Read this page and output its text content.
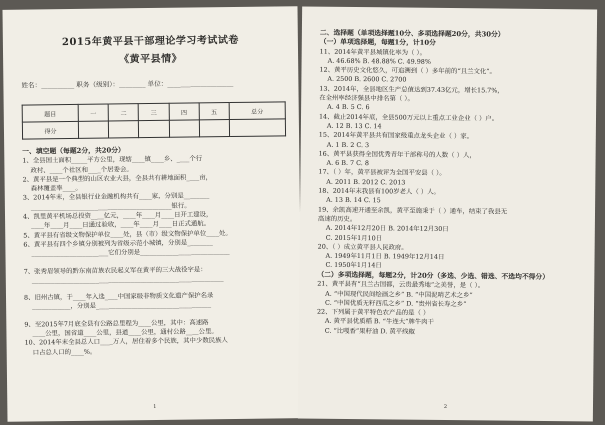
2015年黄平县干部理论学习考试试卷
《黄平县情》
姓名：__________ 职务（级别）：________ 单位：____________________
题目	一	二	三	四	五	总分
得分						
一、填空题（每题2分，共20分）
1、全县国土面积_____平方公里，现辖____镇____乡、____个行
政村、____个社区和____个居委会。
2、黄平县是一个典型的山区农业大县，全县共有耕地面积____亩，
森林覆盖率____。
3、2014年末，全县银行业金融机构共有____家，分别是________
____________________________________________银行。
4、凯里黄平机场总投资____亿元，____年____月____日开工建设，
____年____月____日通过验收，____年____月____日正式通航。
5、黄平县有省级文物保护单位____处，县（市）级文物保护单位____处。
6、黄平县有四个乡镇分别被列为省级示范小城镇，分别是________
________________________它们分别是____________________________
7、张秀眉领导的黔东南苗族农民起义军在黄平的三大战役字是：
____________________________________________________________
8、旧州古镇，于____年入选____中国家级非物质文化遗产保护名录
____________，分别是____________________________________
9、至2015年7月底全县有公路总里程为____公里，其中：高速路
____公里，国省道____公里，县道____公里，通村公路____公里。
10、2014年末全县总人口____万人，居住着多个民族，其中少数民族人
口占总人口的____%。
1
二、选择题（单项选择题10分、多项选择题20分，共30分）
（一）单项选择题，每题1分，计10分
11、2014年黄平县城镇化率为（ ）。
A. 46.68% B. 48.88% C. 49.98%
12、黄平历史文化悠久，可追溯到（ ）多年前的“且兰文化”。
A. 2500 B. 2600 C. 2700
13、2014年，全县地区生产总值达到37.43亿元，增长15.7%，
在全州率经济强县中排名第（ ）。
A. 4 B. 5 C. 6
14、截止2014年底，全县500万元以上重点工业企业（ ）户。
A. 12 B. 13 C. 14
15、2014年黄平县共有国家级重点龙头企业（ ）家。
A. 1 B. 2 C. 3
16、黄平县获得全国优秀青年干部称号的人数（ ）人，
A. 6 B. 7 C. 8
17、（ ）年，黄平县被评为全国平安县（ ）。
A. 2011 B. 2012 C. 2013
18、2014年末我县有100岁老人（ ）人。
A. 13 B. 14 C. 15
19、余凯高速开通至余凯，黄平至施秉于（ ）通车，结束了我县无
高速的历史。
A. 2014年12月20日 B. 2014年12月30日
C. 2015年1月10日
20、（ ）成立黄平县人民政府。
A. 1949年11月1日 B. 1949年12月14日
C. 1950年1月14日
（二）多项选择题，每题2分，计20分（多选、少选、错选、不选均不得分）
21、黄平县有“且兰古国都，云贵最秀地”之美誉，是（ ）。
A. “中国现代民间绘画之乡” B. “中国泥哨艺术之乡”
C. “中国优质无籽西瓜之乡” D. “贵州省长寿之乡”
22、下列属于黄平特色农产品的是（ ）
A. 黄平县优质稻 B. “牛连大”牌牛肉干
C. “比嘎香”果籽油 D. 黄平线椒
2
